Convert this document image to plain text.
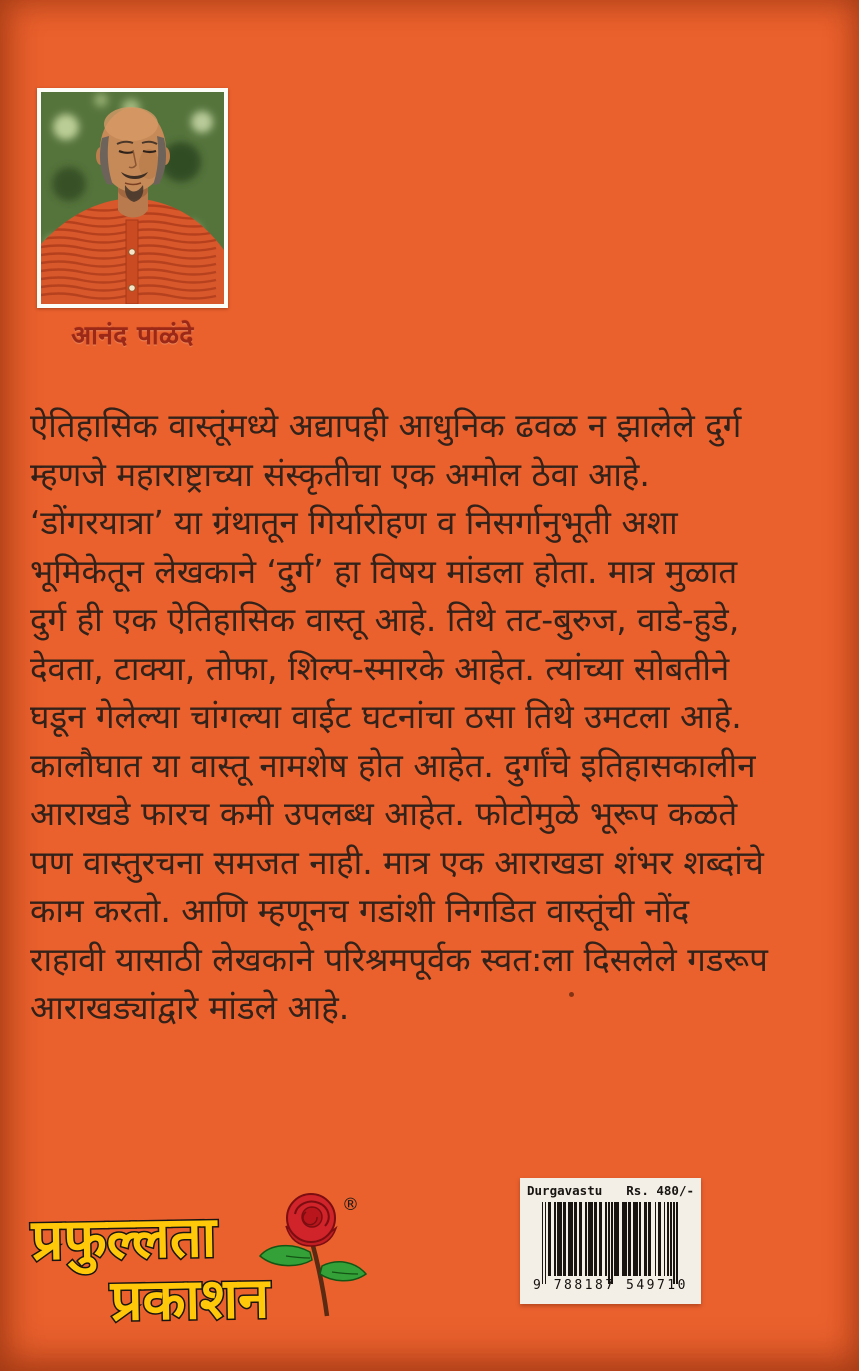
आनंद पाळंदे
ऐतिहासिक वास्तूंमध्ये अद्यापही आधुनिक ढवळ न झालेले दुर्ग
म्हणजे महाराष्ट्राच्या संस्कृतीचा एक अमोल ठेवा आहे.
‘डोंगरयात्रा’ या ग्रंथातून गिर्यारोहण व निसर्गानुभूती अशा
भूमिकेतून लेखकाने ‘दुर्ग’ हा विषय मांडला होता. मात्र मुळात
दुर्ग ही एक ऐतिहासिक वास्तू आहे. तिथे तट-बुरुज, वाडे-हुडे,
देवता, टाक्या, तोफा, शिल्प-स्मारके आहेत. त्यांच्या सोबतीने
घडून गेलेल्या चांगल्या वाईट घटनांचा ठसा तिथे उमटला आहे.
कालौघात या वास्तू नामशेष होत आहेत. दुर्गांचे इतिहासकालीन
आराखडे फारच कमी उपलब्ध आहेत. फोटोमुळे भूरूप कळते
पण वास्तुरचना समजत नाही. मात्र एक आराखडा शंभर शब्दांचे
काम करतो. आणि म्हणूनच गडांशी निगडित वास्तूंची नोंद
राहावी यासाठी लेखकाने परिश्रमपूर्वक स्वत:ला दिसलेले गडरूप
आराखड्यांद्वारे मांडले आहे.
प्रफुल्लता
प्रकाशन
®
Durgavastu Rs. 480/-
9 788187 549710
